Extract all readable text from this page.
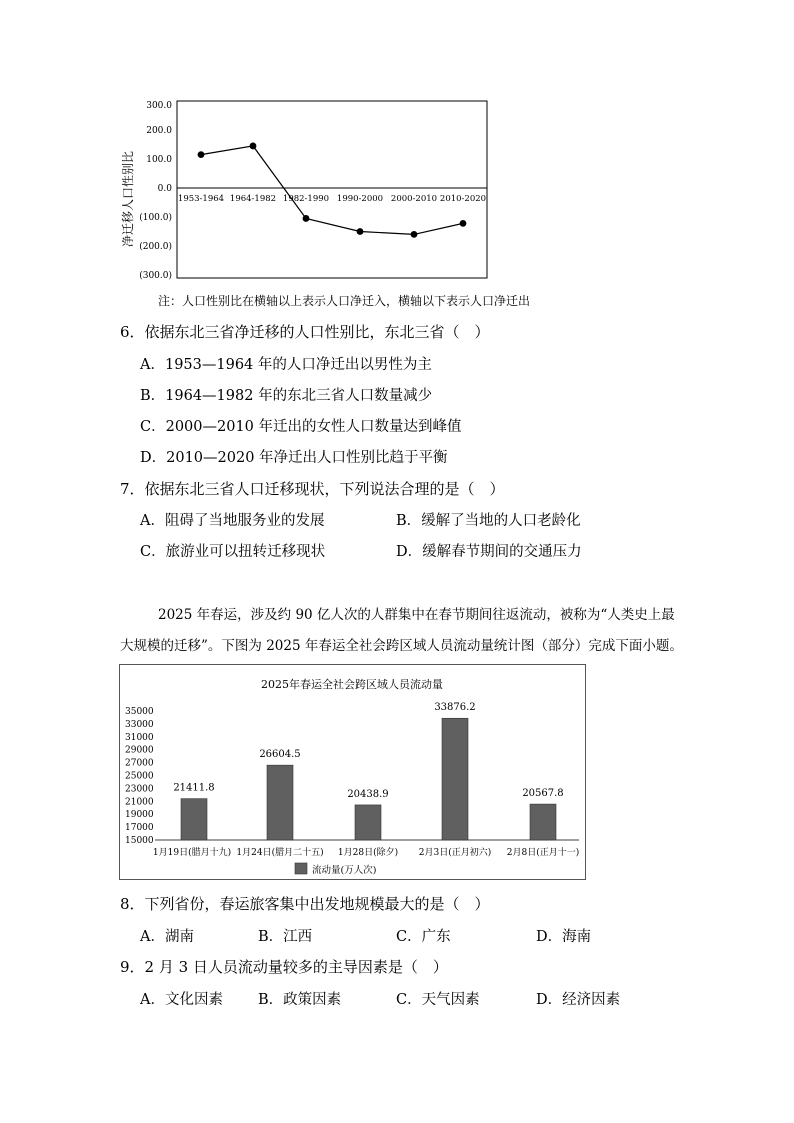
300.0
200.0
100.0
0.0
(100.0)
(200.0)
(300.0)
净迁移人口性别比	1953-1964 1964-1982 1982-1990 1990-2000 2000-2010 2010-2020
注：人口性别比在横轴以上表示人口净迁入，横轴以下表示人口净迁出
6．依据东北三省净迁移的人口性别比，东北三省（　）
A．1953—1964 年的人口净迁出以男性为主
B．1964—1982 年的东北三省人口数量减少
C．2000—2010 年迁出的女性人口数量达到峰值
D．2010—2020 年净迁出人口性别比趋于平衡
7．依据东北三省人口迁移现状，下列说法合理的是（　）
A．阻碍了当地服务业的发展	B．缓解了当地的人口老龄化
C．旅游业可以扭转迁移现状	D．缓解春节期间的交通压力
2025 年春运，涉及约 90 亿人次的人群集中在春节期间往返流动，被称为“人类史上最
大规模的迁移”。下图为 2025 年春运全社会跨区域人员流动量统计图（部分）完成下面小题。
2025年春运全社会跨区域人员流动量
35000
33000
31000
29000
27000
25000
23000
21000
19000
17000
15000
21411.8
26604.5
20438.9
33876.2
20567.8
1月19日(腊月十九) 1月24日(腊月二十五) 1月28日(除夕) 2月3日(正月初六) 2月8日(正月十一)
流动量(万人次)
8．下列省份，春运旅客集中出发地规模最大的是（　）
A．湖南	B．江西	C．广东	D．海南
9．2 月 3 日人员流动量较多的主导因素是（　）
A．文化因素 B．政策因素	C．天气因素	D．经济因素
